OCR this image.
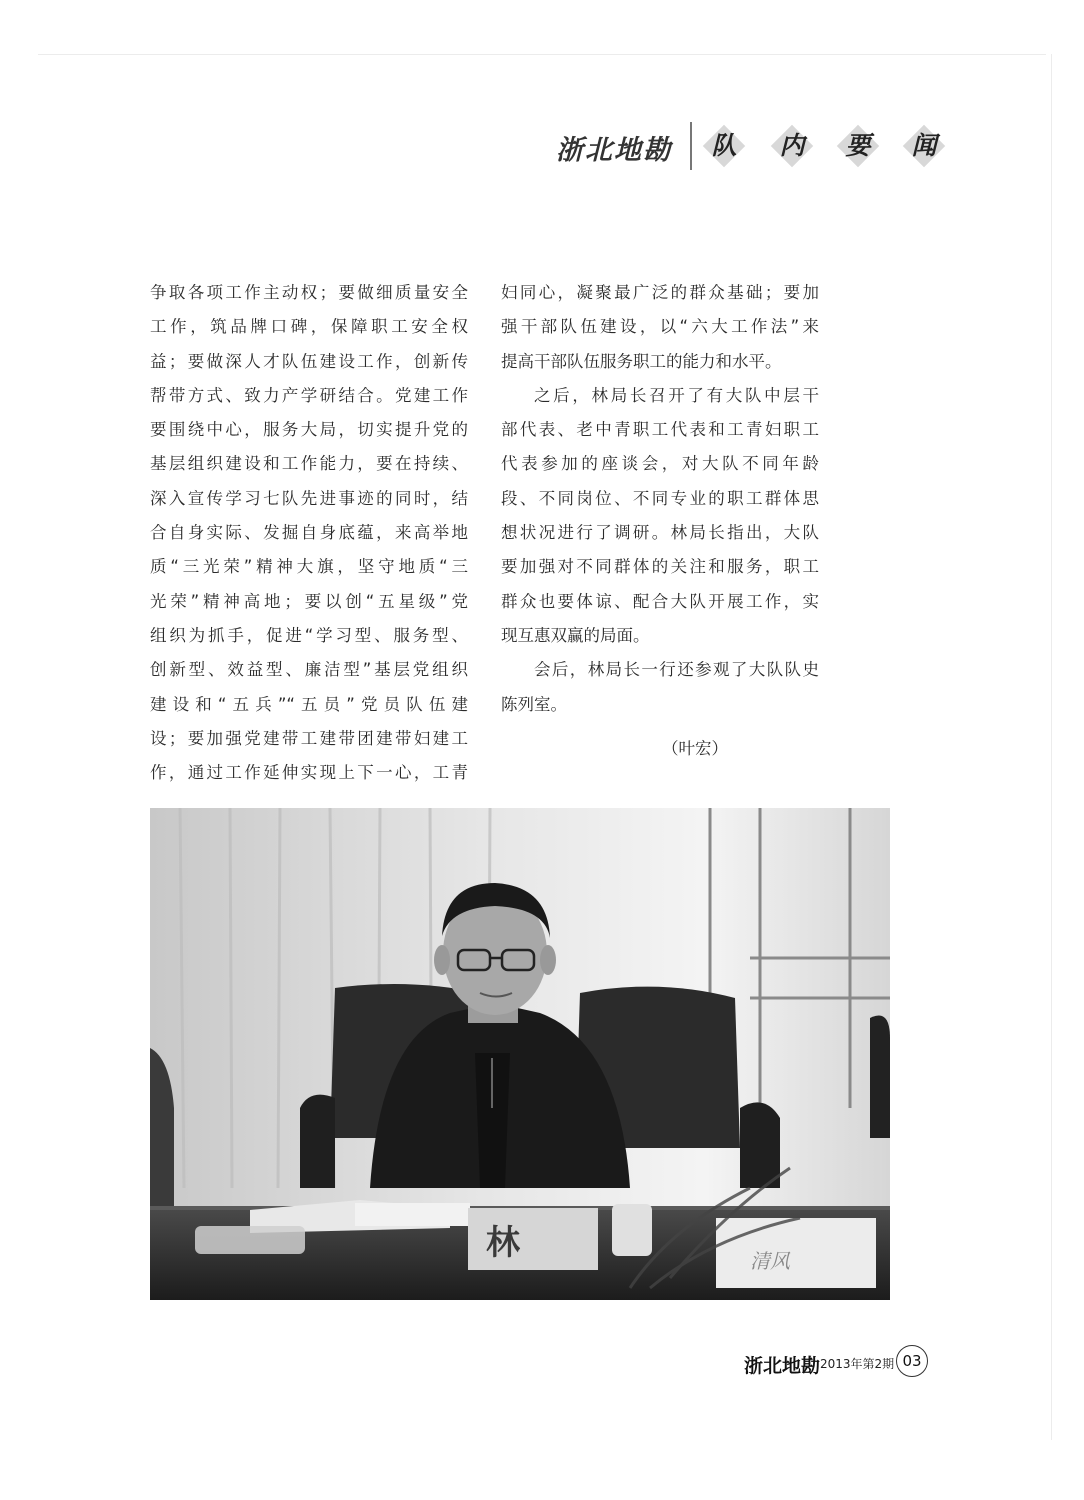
浙北地勘	队	内	要	闻
争取各项工作主动权；要做细质量安全
工作，筑品牌口碑，保障职工安全权
益；要做深人才队伍建设工作，创新传
帮带方式、致力产学研结合。党建工作
要围绕中心，服务大局，切实提升党的
基层组织建设和工作能力，要在持续、
深入宣传学习七队先进事迹的同时，结
合自身实际、发掘自身底蕴，来高举地
质“三光荣”精神大旗，坚守地质“三
光荣”精神高地；要以创“五星级”党
组织为抓手，促进“学习型、服务型、
创新型、效益型、廉洁型”基层党组织
建设和“五兵”“五员”党员队伍建
设；要加强党建带工建带团建带妇建工
作，通过工作延伸实现上下一心，工青
妇同心，凝聚最广泛的群众基础；要加
强干部队伍建设，以“六大工作法”来
提高干部队伍服务职工的能力和水平。
之后，林局长召开了有大队中层干
部代表、老中青职工代表和工青妇职工
代表参加的座谈会，对大队不同年龄
段、不同岗位、不同专业的职工群体思
想状况进行了调研。林局长指出，大队
要加强对不同群体的关注和服务，职工
群众也要体谅、配合大队开展工作，实
现互惠双赢的局面。
会后，林局长一行还参观了大队队史
陈列室。
（叶宏）
林	清风
浙北地勘 2013年第2期 03
